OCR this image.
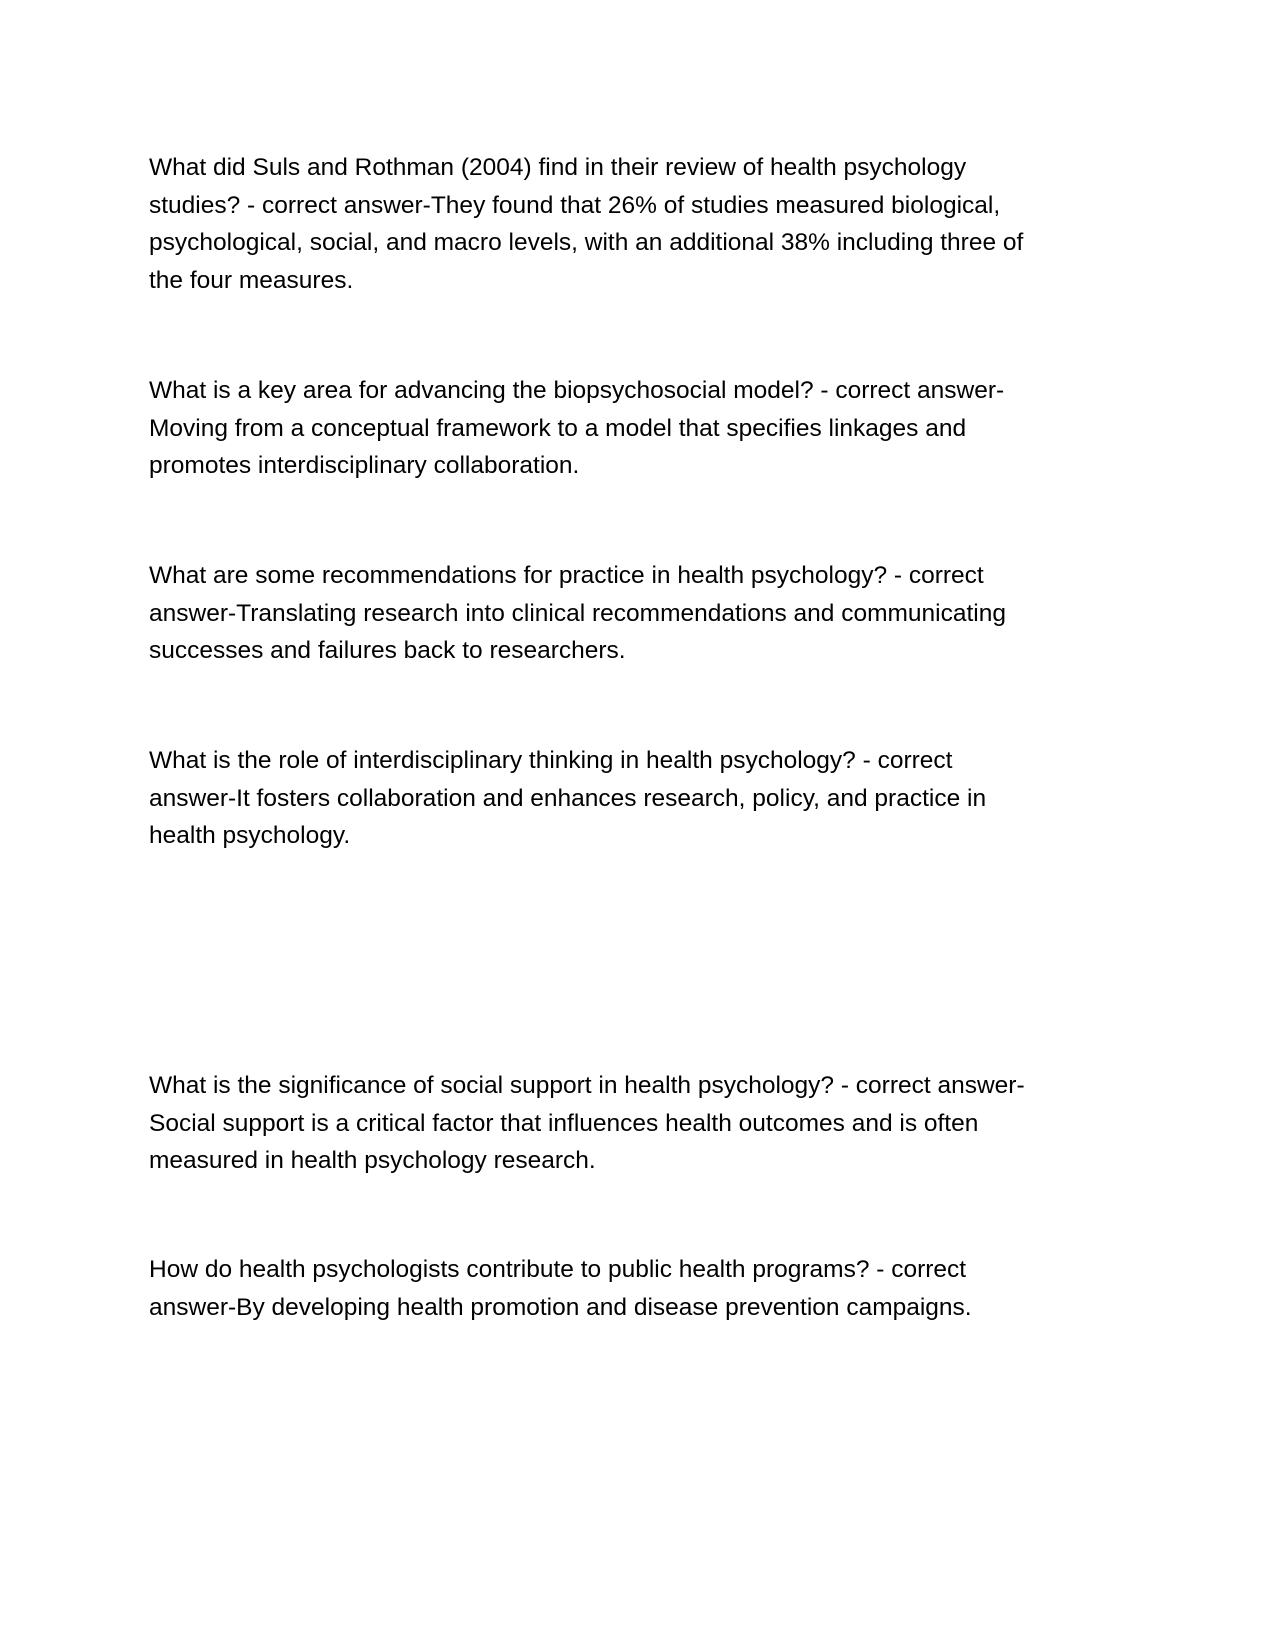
What did Suls and Rothman (2004) find in their review of health psychology
studies? - correct answer-They found that 26% of studies measured biological,
psychological, social, and macro levels, with an additional 38% including three of
the four measures.

What is a key area for advancing the biopsychosocial model? - correct answer-
Moving from a conceptual framework to a model that specifies linkages and
promotes interdisciplinary collaboration.

What are some recommendations for practice in health psychology? - correct
answer-Translating research into clinical recommendations and communicating
successes and failures back to researchers.

What is the role of interdisciplinary thinking in health psychology? - correct
answer-It fosters collaboration and enhances research, policy, and practice in
health psychology.

What is the significance of social support in health psychology? - correct answer-
Social support is a critical factor that influences health outcomes and is often
measured in health psychology research.

How do health psychologists contribute to public health programs? - correct
answer-By developing health promotion and disease prevention campaigns.
